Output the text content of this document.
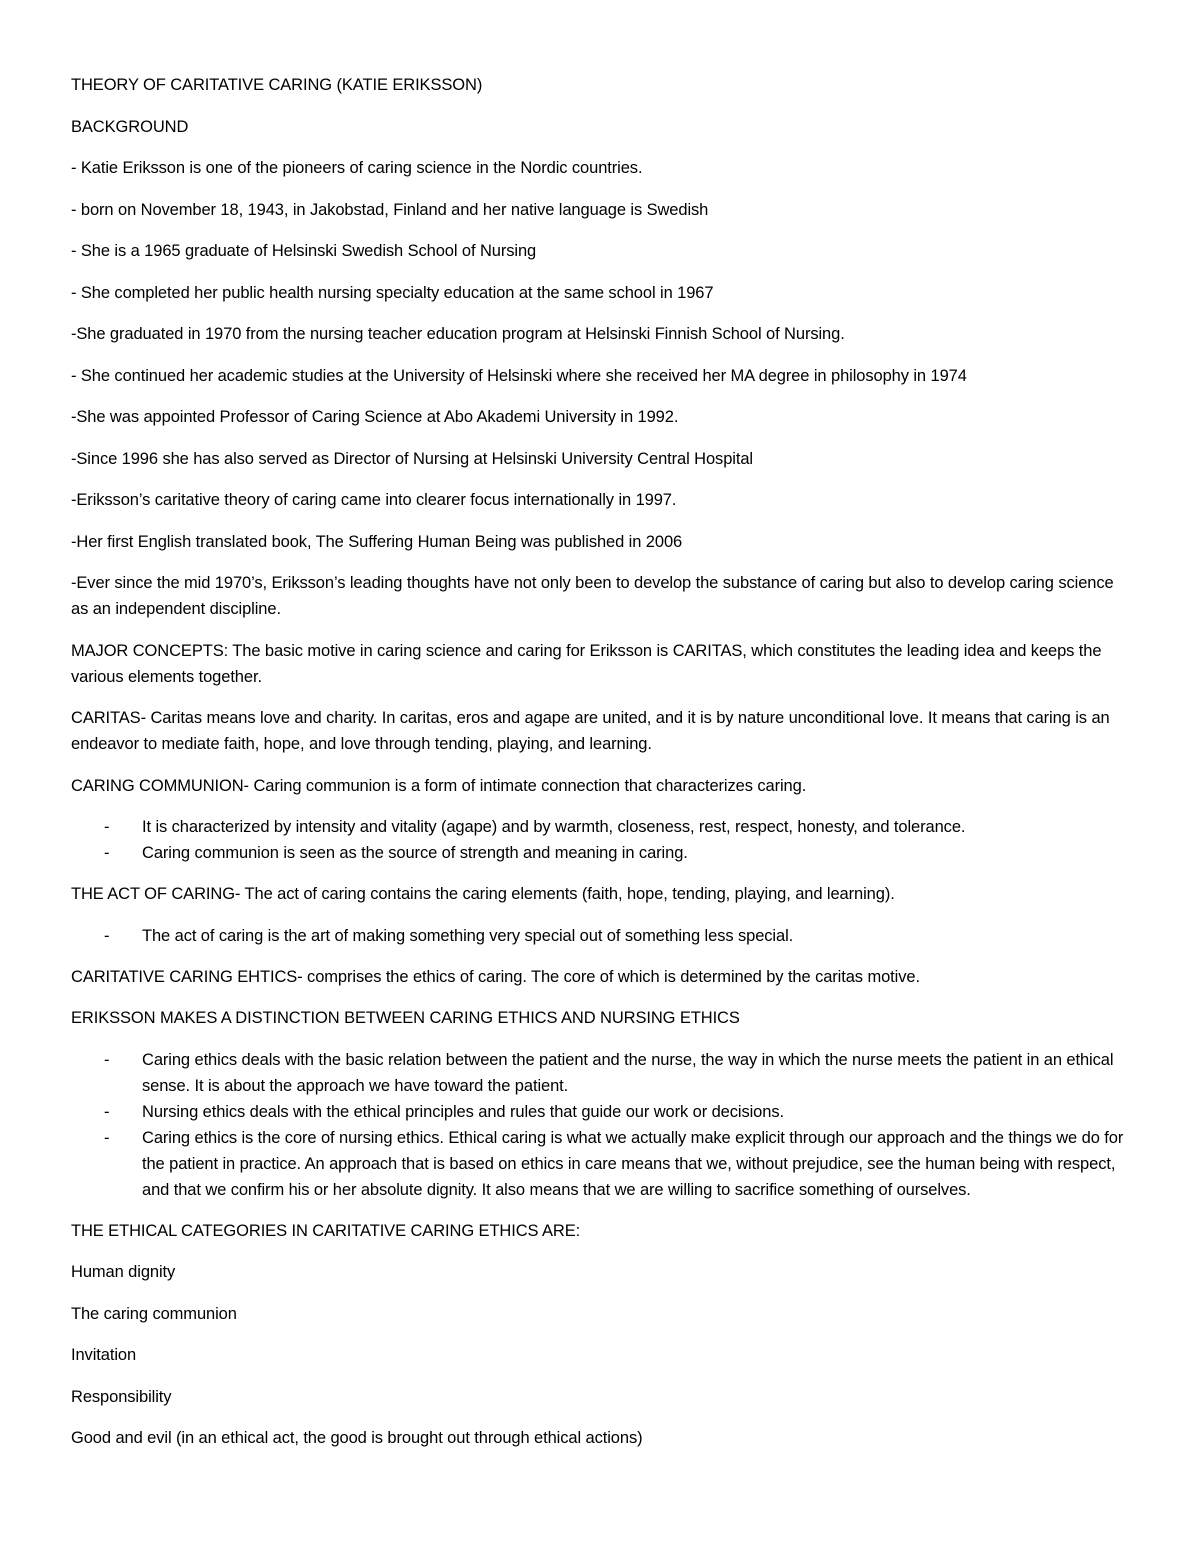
THEORY OF CARITATIVE CARING (KATIE ERIKSSON)

BACKGROUND

- Katie Eriksson is one of the pioneers of caring science in the Nordic countries.

- born on November 18, 1943, in Jakobstad, Finland and her native language is Swedish

- She is a 1965 graduate of Helsinski Swedish School of Nursing

- She completed her public health nursing specialty education at the same school in 1967

-She graduated in 1970 from the nursing teacher education program at Helsinski Finnish School of Nursing.

- She continued her academic studies at the University of Helsinski where she received her MA degree in philosophy in 1974

-She was appointed Professor of Caring Science at Abo Akademi University in 1992.

-Since 1996 she has also served as Director of Nursing at Helsinski University Central Hospital

-Eriksson’s caritative theory of caring came into clearer focus internationally in 1997.

-Her first English translated book, The Suffering Human Being was published in 2006

-Ever since the mid 1970’s, Eriksson’s leading thoughts have not only been to develop the substance of caring but also to develop caring science as an independent discipline.

MAJOR CONCEPTS: The basic motive in caring science and caring for Eriksson is CARITAS, which constitutes the leading idea and keeps the various elements together.

CARITAS- Caritas means love and charity. In caritas, eros and agape are united, and it is by nature unconditional love. It means that caring is an endeavor to mediate faith, hope, and love through tending, playing, and learning.

CARING COMMUNION- Caring communion is a form of intimate connection that characterizes caring.

- It is characterized by intensity and vitality (agape) and by warmth, closeness, rest, respect, honesty, and tolerance.
- Caring communion is seen as the source of strength and meaning in caring.

THE ACT OF CARING- The act of caring contains the caring elements (faith, hope, tending, playing, and learning).

- The act of caring is the art of making something very special out of something less special.

CARITATIVE CARING EHTICS- comprises the ethics of caring. The core of which is determined by the caritas motive.

ERIKSSON MAKES A DISTINCTION BETWEEN CARING ETHICS AND NURSING ETHICS

- Caring ethics deals with the basic relation between the patient and the nurse, the way in which the nurse meets the patient in an ethical sense. It is about the approach we have toward the patient.
- Nursing ethics deals with the ethical principles and rules that guide our work or decisions.
- Caring ethics is the core of nursing ethics. Ethical caring is what we actually make explicit through our approach and the things we do for the patient in practice. An approach that is based on ethics in care means that we, without prejudice, see the human being with respect, and that we confirm his or her absolute dignity. It also means that we are willing to sacrifice something of ourselves.

THE ETHICAL CATEGORIES IN CARITATIVE CARING ETHICS ARE:

Human dignity

The caring communion

Invitation

Responsibility

Good and evil (in an ethical act, the good is brought out through ethical actions)
